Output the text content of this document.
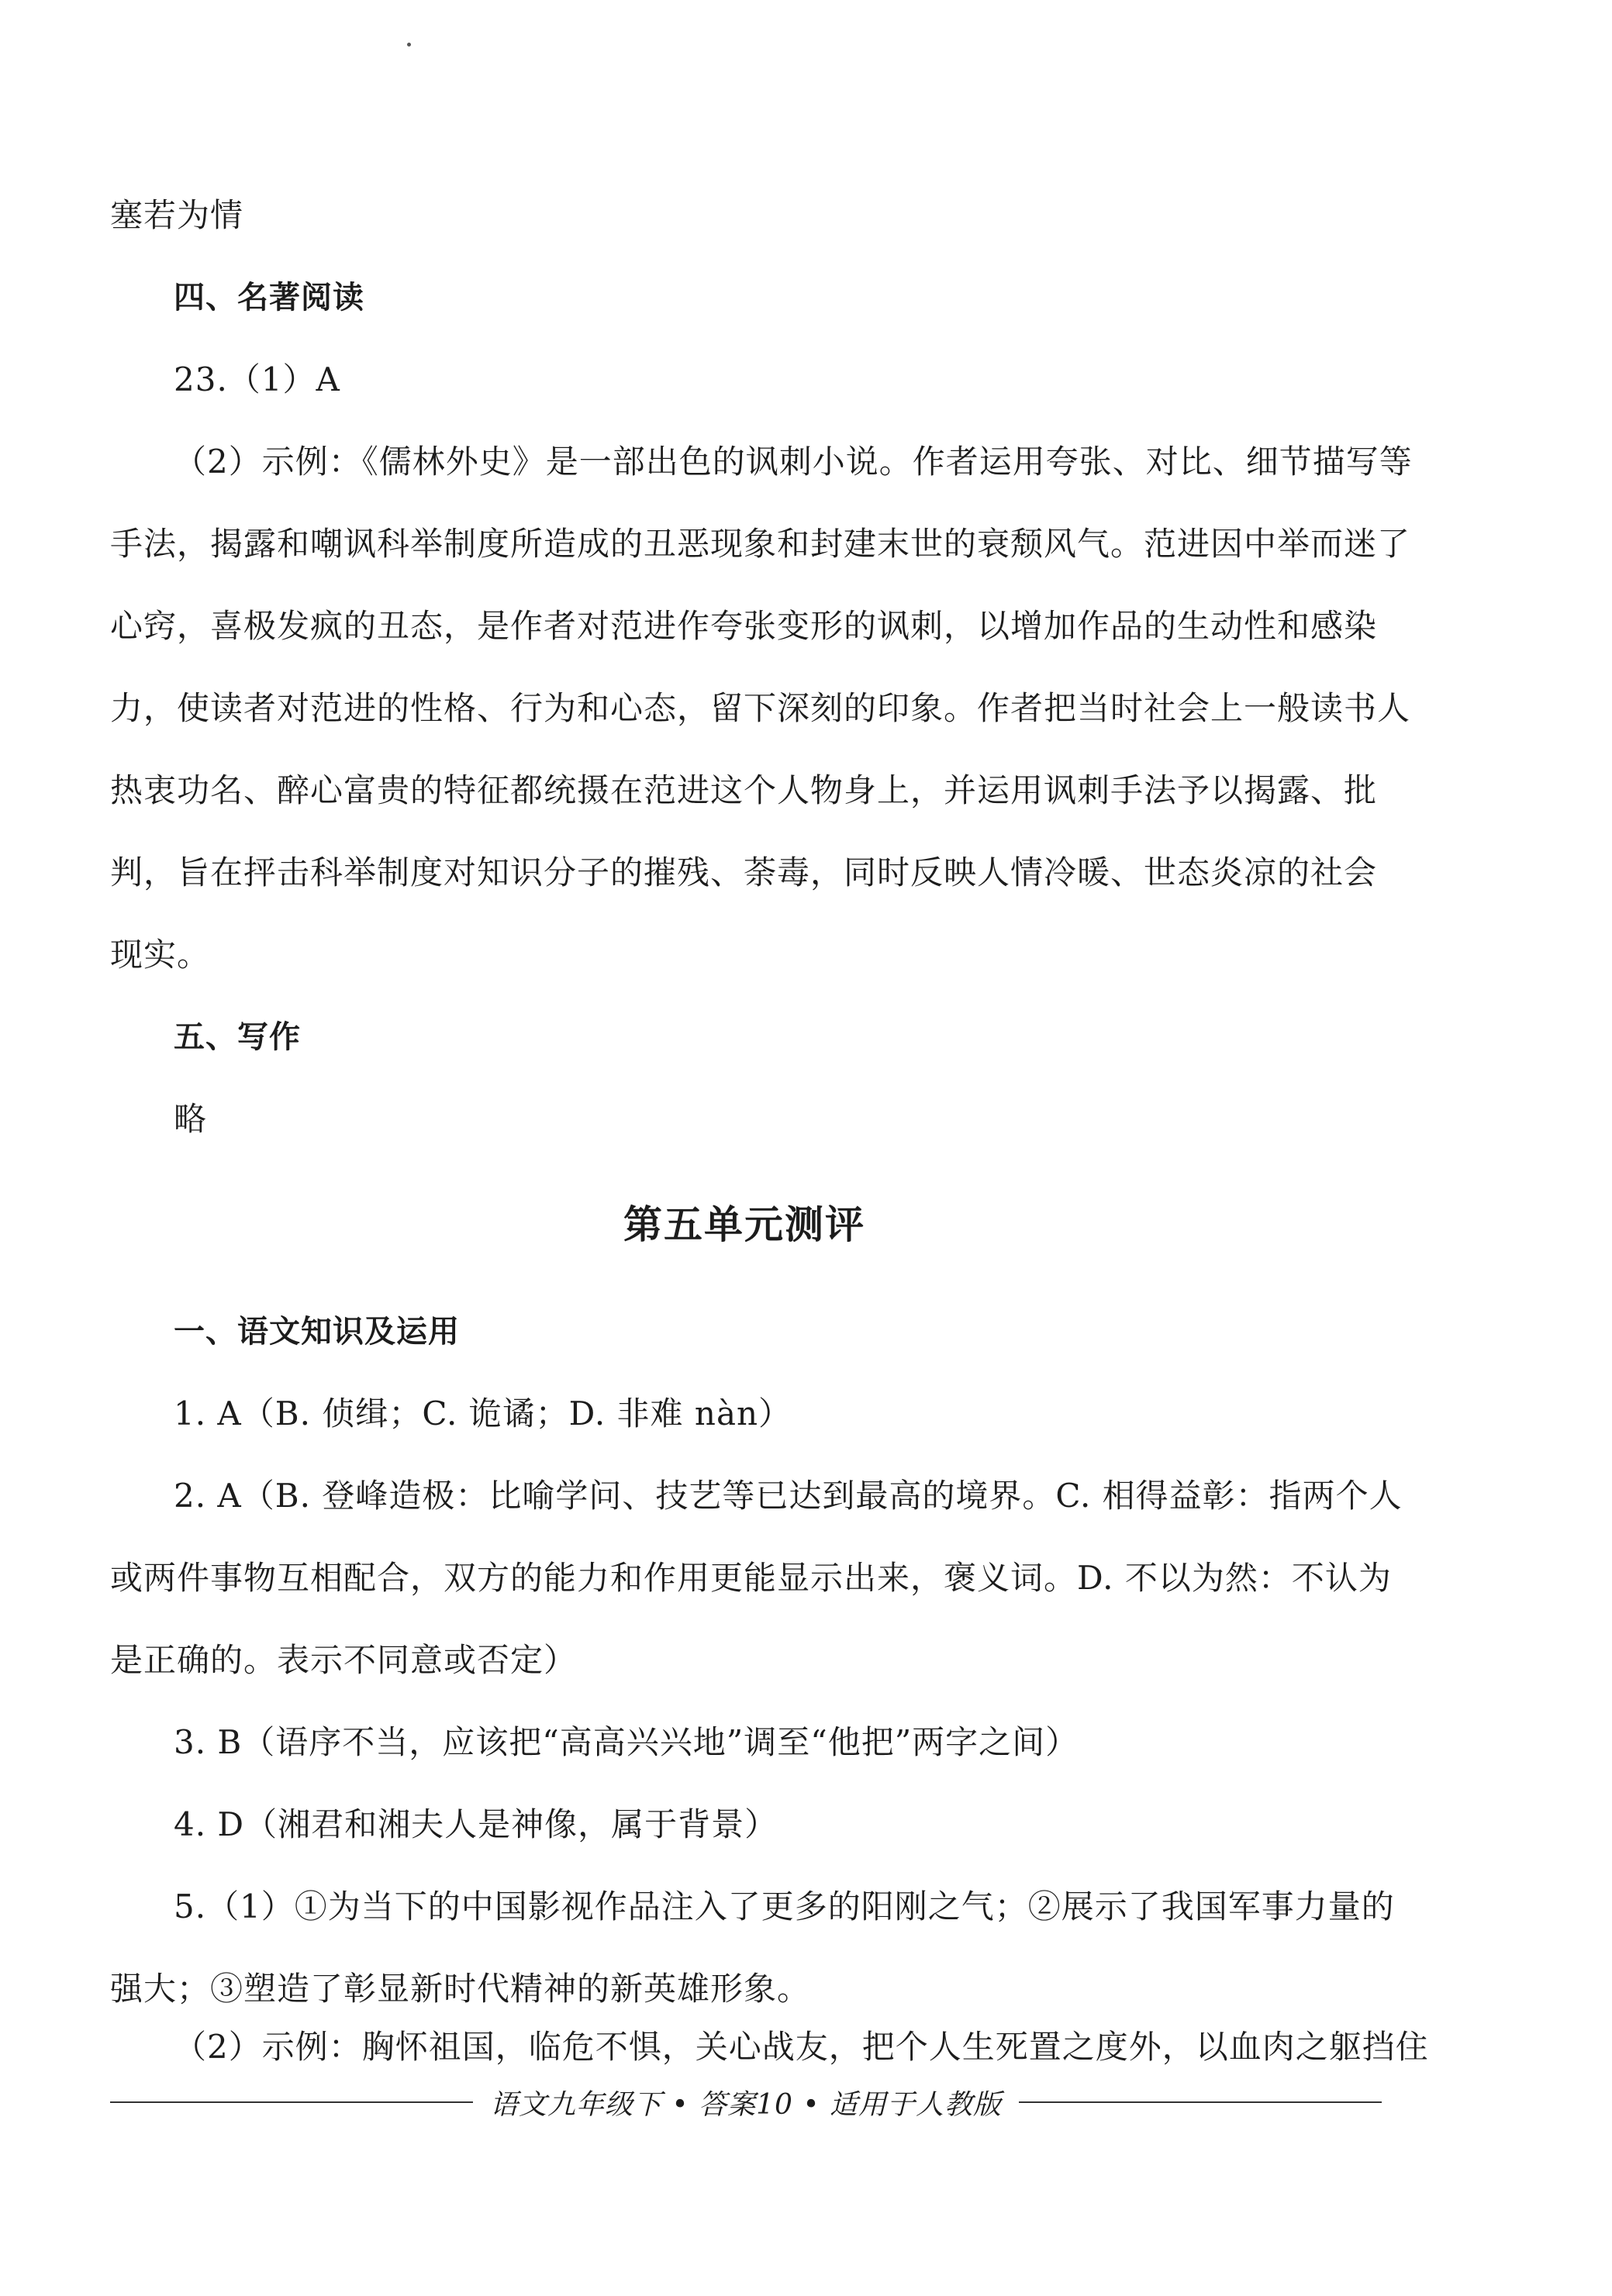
塞若为情
四、名著阅读
23.（1）A
（2）示例：《儒林外史》是一部出色的讽刺小说。作者运用夸张、对比、细节描写等
手法，揭露和嘲讽科举制度所造成的丑恶现象和封建末世的衰颓风气。范进因中举而迷了
心窍，喜极发疯的丑态，是作者对范进作夸张变形的讽刺，以增加作品的生动性和感染
力，使读者对范进的性格、行为和心态，留下深刻的印象。作者把当时社会上一般读书人
热衷功名、醉心富贵的特征都统摄在范进这个人物身上，并运用讽刺手法予以揭露、批
判，旨在抨击科举制度对知识分子的摧残、荼毒，同时反映人情冷暖、世态炎凉的社会
现实。
五、写作
略
第五单元测评
一、语文知识及运用
1. A（B. 侦缉；C. 诡谲；D. 非难 nàn）
2. A（B. 登峰造极：比喻学问、技艺等已达到最高的境界。C. 相得益彰：指两个人
或两件事物互相配合，双方的能力和作用更能显示出来，褒义词。D. 不以为然：不认为
是正确的。表示不同意或否定）
3. B（语序不当，应该把“高高兴兴地”调至“他把”两字之间）
4. D（湘君和湘夫人是神像，属于背景）
5.（1）①为当下的中国影视作品注入了更多的阳刚之气；②展示了我国军事力量的
强大；③塑造了彰显新时代精神的新英雄形象。
（2）示例：胸怀祖国，临危不惧，关心战友，把个人生死置之度外，以血肉之躯挡住
语文九年级下 • 答案10 • 适用于人教版
